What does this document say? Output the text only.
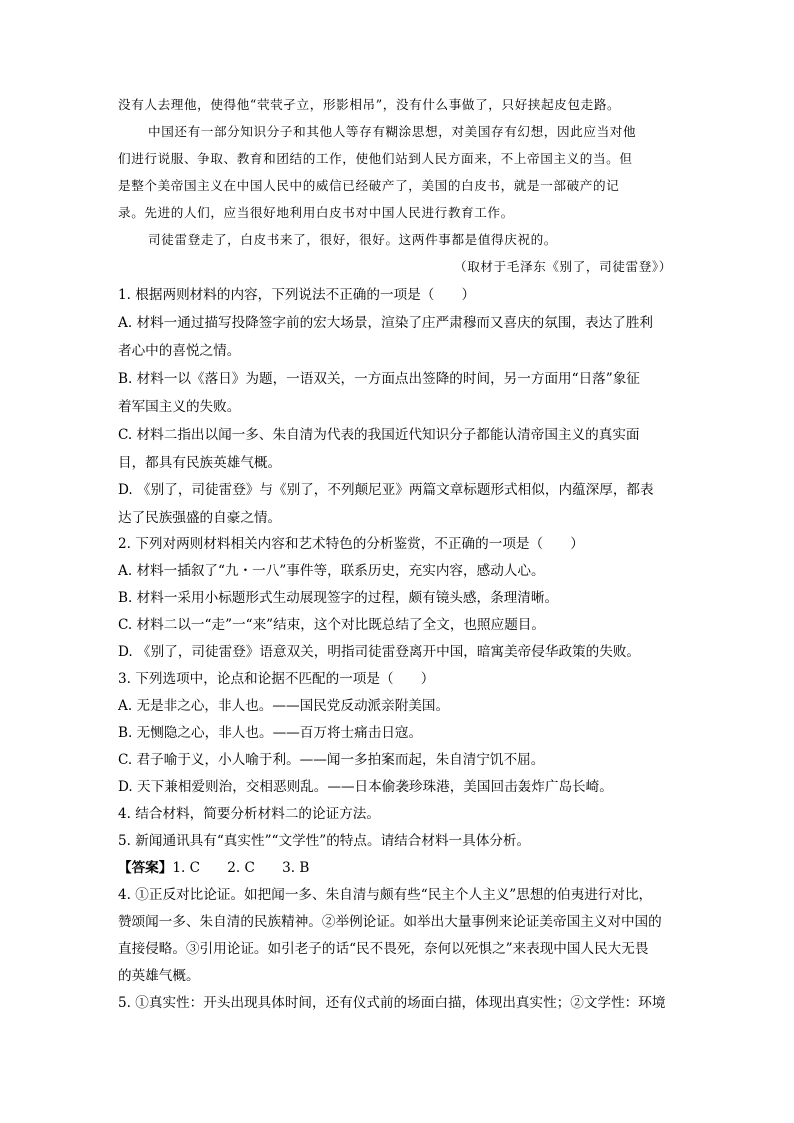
没有人去理他，使得他“茕茕孑立，形影相吊”，没有什么事做了，只好挟起皮包走路。
中国还有一部分知识分子和其他人等存有糊涂思想，对美国存有幻想，因此应当对他
们进行说服、争取、教育和团结的工作，使他们站到人民方面来，不上帝国主义的当。但
是整个美帝国主义在中国人民中的威信已经破产了，美国的白皮书，就是一部破产的记
录。先进的人们，应当很好地利用白皮书对中国人民进行教育工作。
司徒雷登走了，白皮书来了，很好，很好。这两件事都是值得庆祝的。
（取材于毛泽东《别了，司徒雷登》）
1. 根据两则材料的内容，下列说法不正确的一项是（　　）
A. 材料一通过描写投降签字前的宏大场景，渲染了庄严肃穆而又喜庆的氛围，表达了胜利
者心中的喜悦之情。
B. 材料一以《落日》为题，一语双关，一方面点出签降的时间，另一方面用“日落”象征
着军国主义的失败。
C. 材料二指出以闻一多、朱自清为代表的我国近代知识分子都能认清帝国主义的真实面
目，都具有民族英雄气概。
D. 《别了，司徒雷登》与《别了，不列颠尼亚》两篇文章标题形式相似，内蕴深厚，都表
达了民族强盛的自豪之情。
2. 下列对两则材料相关内容和艺术特色的分析鉴赏，不正确的一项是（　　）
A. 材料一插叙了“九・一八”事件等，联系历史，充实内容，感动人心。
B. 材料一采用小标题形式生动展现签字的过程，颇有镜头感，条理清晰。
C. 材料二以一“走”一“来”结束，这个对比既总结了全文，也照应题目。
D. 《别了，司徒雷登》语意双关，明指司徒雷登离开中国，暗寓美帝侵华政策的失败。
3. 下列选项中，论点和论据不匹配的一项是（　　）
A. 无是非之心，非人也。——国民党反动派亲附美国。
B. 无恻隐之心，非人也。——百万将士痛击日寇。
C. 君子喻于义，小人喻于利。——闻一多拍案而起，朱自清宁饥不屈。
D. 天下兼相爱则治，交相恶则乱。——日本偷袭珍珠港，美国回击轰炸广岛长崎。
4. 结合材料，简要分析材料二的论证方法。
5. 新闻通讯具有“真实性”“文学性”的特点。请结合材料一具体分析。
【答案】1. C　　2. C　　3. B
4. ①正反对比论证。如把闻一多、朱自清与颇有些“民主个人主义”思想的伯夷进行对比，
赞颂闻一多、朱自清的民族精神。②举例论证。如举出大量事例来论证美帝国主义对中国的
直接侵略。③引用论证。如引老子的话“民不畏死，奈何以死惧之”来表现中国人民大无畏
的英雄气概。
5. ①真实性：开头出现具体时间，还有仪式前的场面白描，体现出真实性；②文学性：环境
